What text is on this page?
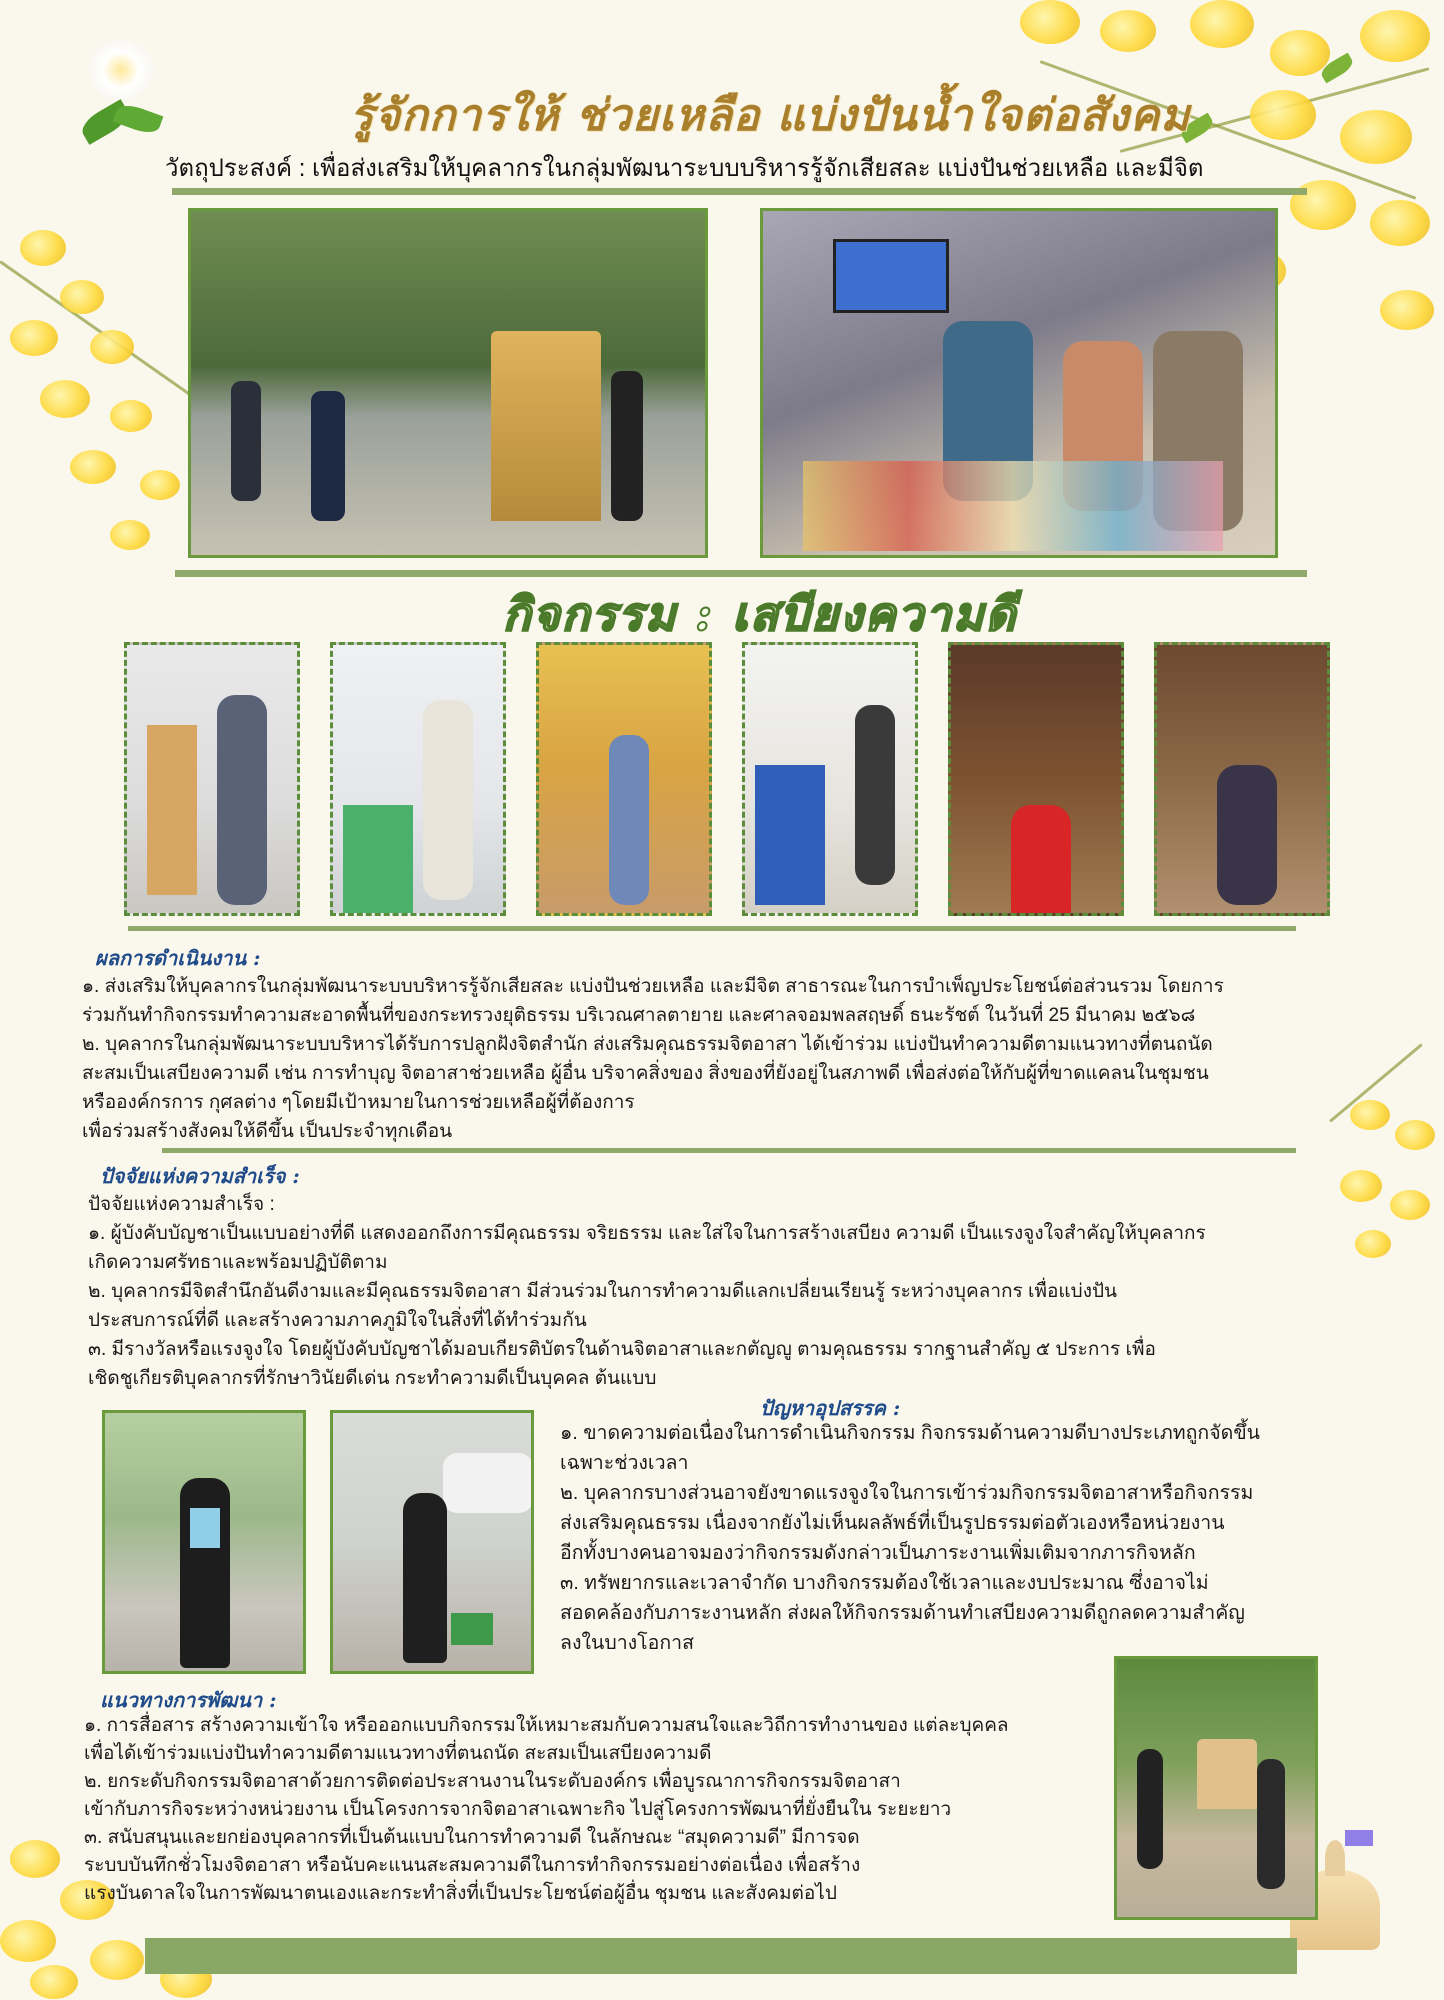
รู้จักการให้ ช่วยเหลือ แบ่งปันน้ำใจต่อสังคม
วัตถุประสงค์ : เพื่อส่งเสริมให้บุคลากรในกลุ่มพัฒนาระบบบริหารรู้จักเสียสละ แบ่งปันช่วยเหลือ และมีจิต
กิจกรรม : เสบียงความดี
ผลการดำเนินงาน :

๑. ส่งเสริมให้บุคลากรในกลุ่มพัฒนาระบบบริหารรู้จักเสียสละ แบ่งปันช่วยเหลือ และมีจิต สาธารณะในการบำเพ็ญประโยชน์ต่อส่วนรวม โดยการ

ร่วมกันทำกิจกรรมทำความสะอาดพื้นที่ของกระทรวงยุติธรรม บริเวณศาลตายาย และศาลจอมพลสฤษดิ์ ธนะรัชต์ ในวันที่ 25 มีนาคม ๒๕๖๘

๒. บุคลากรในกลุ่มพัฒนาระบบบริหารได้รับการปลูกฝังจิตสำนัก ส่งเสริมคุณธรรมจิตอาสา ได้เข้าร่วม แบ่งปันทำความดีตามแนวทางที่ตนถนัด

สะสมเป็นเสบียงความดี เช่น การทำบุญ จิตอาสาช่วยเหลือ ผู้อื่น บริจาคสิ่งของ สิ่งของที่ยังอยู่ในสภาพดี เพื่อส่งต่อให้กับผู้ที่ขาดแคลนในชุมชน

หรือองค์กรการ กุศลต่าง ๆโดยมีเป้าหมายในการช่วยเหลือผู้ที่ต้องการ

เพื่อร่วมสร้างสังคมให้ดีขึ้น เป็นประจำทุกเดือน

ปัจจัยแห่งความสำเร็จ :

ปัจจัยแห่งความสำเร็จ :

๑. ผู้บังคับบัญชาเป็นแบบอย่างที่ดี แสดงออกถึงการมีคุณธรรม จริยธรรม และใส่ใจในการสร้างเสบียง ความดี เป็นแรงจูงใจสำคัญให้บุคลากร

เกิดความศรัทธาและพร้อมปฏิบัติตาม

๒. บุคลากรมีจิตสำนึกอันดีงามและมีคุณธรรมจิตอาสา มีส่วนร่วมในการทำความดีแลกเปลี่ยนเรียนรู้ ระหว่างบุคลากร เพื่อแบ่งปัน

ประสบการณ์ที่ดี และสร้างความภาคภูมิใจในสิ่งที่ได้ทำร่วมกัน

๓. มีรางวัลหรือแรงจูงใจ โดยผู้บังคับบัญชาได้มอบเกียรติบัตรในด้านจิตอาสาและกตัญญู ตามคุณธรรม รากฐานสำคัญ ๕ ประการ เพื่อ

เชิดชูเกียรติบุคลากรที่รักษาวินัยดีเด่น กระทำความดีเป็นบุคคล ต้นแบบ

ปัญหาอุปสรรค :

๑. ขาดความต่อเนื่องในการดำเนินกิจกรรม กิจกรรมด้านความดีบางประเภทถูกจัดขึ้น

เฉพาะช่วงเวลา

๒. บุคลากรบางส่วนอาจยังขาดแรงจูงใจในการเข้าร่วมกิจกรรมจิตอาสาหรือกิจกรรม

ส่งเสริมคุณธรรม เนื่องจากยังไม่เห็นผลลัพธ์ที่เป็นรูปธรรมต่อตัวเองหรือหน่วยงาน

อีกทั้งบางคนอาจมองว่ากิจกรรมดังกล่าวเป็นภาระงานเพิ่มเติมจากภารกิจหลัก

๓. ทรัพยากรและเวลาจำกัด บางกิจกรรมต้องใช้เวลาและงบประมาณ ซึ่งอาจไม่

สอดคล้องกับภาระงานหลัก ส่งผลให้กิจกรรมด้านทำเสบียงความดีถูกลดความสำคัญ

ลงในบางโอกาส

แนวทางการพัฒนา :

๑. การสื่อสาร สร้างความเข้าใจ หรือออกแบบกิจกรรมให้เหมาะสมกับความสนใจและวิถีการทำงานของ แต่ละบุคคล

เพื่อได้เข้าร่วมแบ่งปันทำความดีตามแนวทางที่ตนถนัด สะสมเป็นเสบียงความดี

๒. ยกระดับกิจกรรมจิตอาสาด้วยการติดต่อประสานงานในระดับองค์กร เพื่อบูรณาการกิจกรรมจิตอาสา

เข้ากับภารกิจระหว่างหน่วยงาน เป็นโครงการจากจิตอาสาเฉพาะกิจ ไปสู่โครงการพัฒนาที่ยั่งยืนใน ระยะยาว

๓. สนับสนุนและยกย่องบุคลากรที่เป็นต้นแบบในการทำความดี ในลักษณะ “สมุดความดี” มีการจด

ระบบบันทึกชั่วโมงจิตอาสา หรือนับคะแนนสะสมความดีในการทำกิจกรรมอย่างต่อเนื่อง เพื่อสร้าง

แรงบันดาลใจในการพัฒนาตนเองและกระทำสิ่งที่เป็นประโยชน์ต่อผู้อื่น ชุมชน และสังคมต่อไป
